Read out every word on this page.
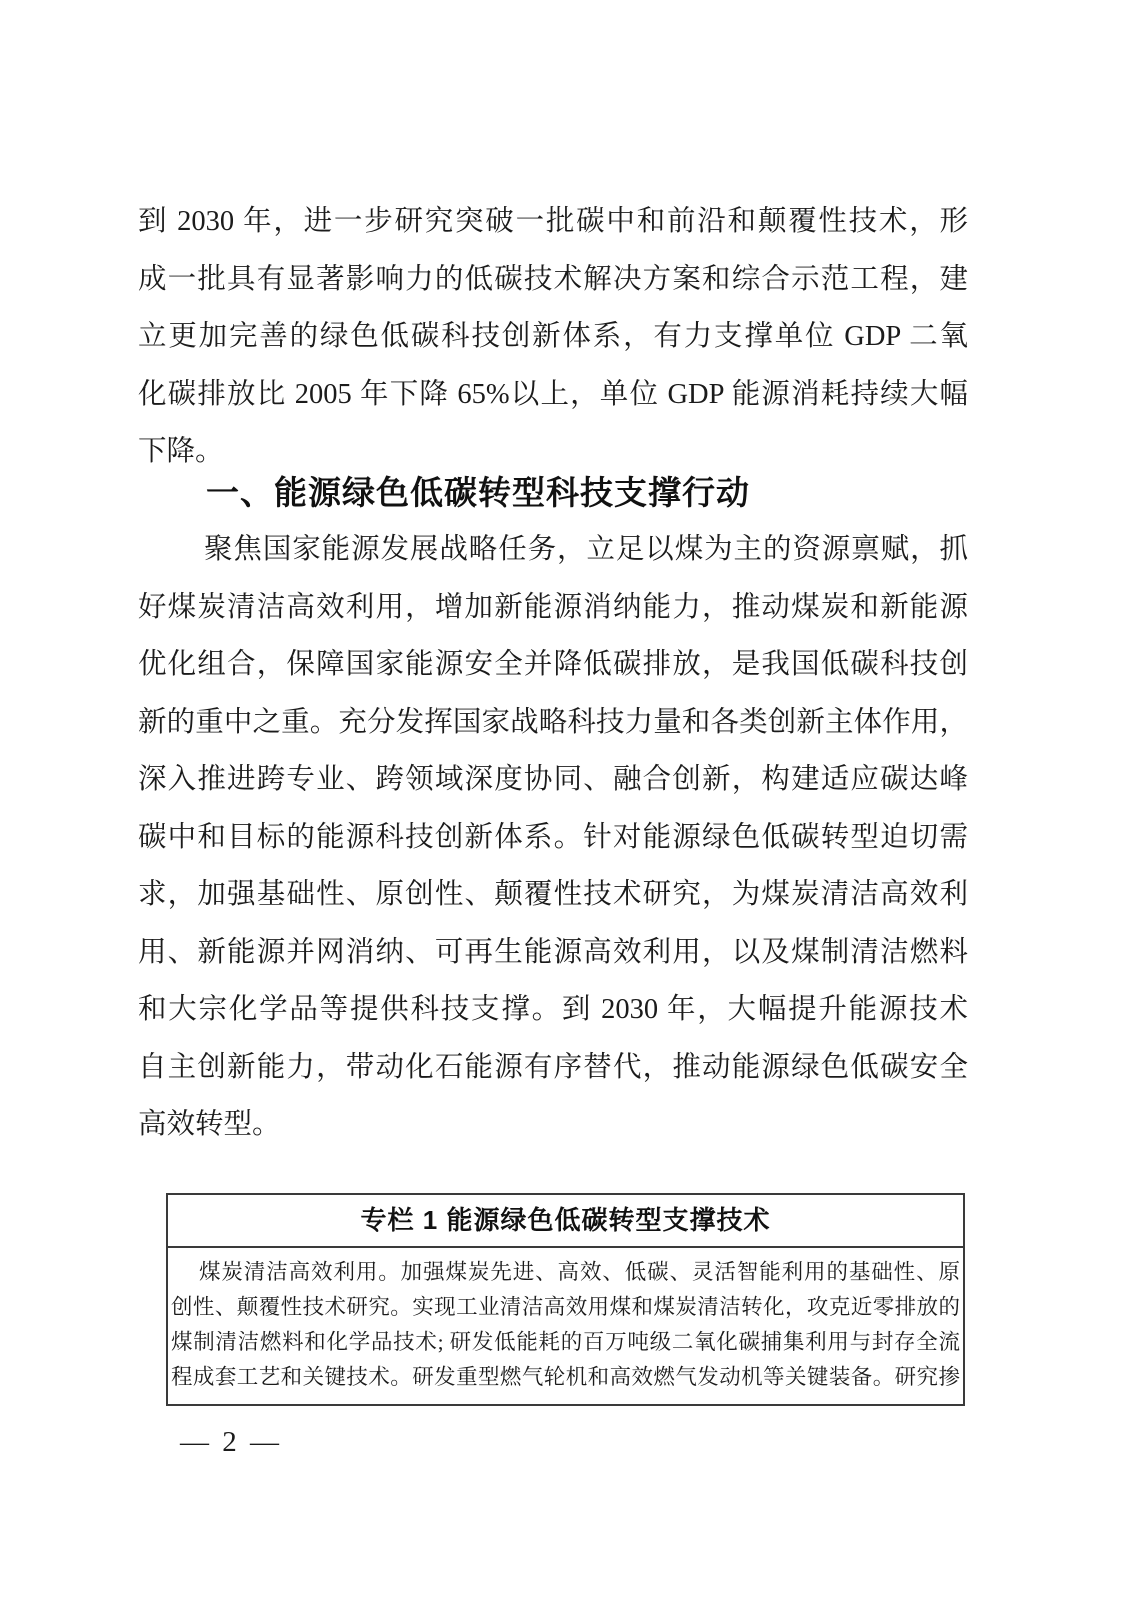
到 2030 年，进一步研究突破一批碳中和前沿和颠覆性技术，形
成一批具有显著影响力的低碳技术解决方案和综合示范工程，建
立更加完善的绿色低碳科技创新体系，有力支撑单位 GDP 二氧
化碳排放比 2005 年下降 65%以上，单位 GDP 能源消耗持续大幅
下降。
一、能源绿色低碳转型科技支撑行动
聚焦国家能源发展战略任务，立足以煤为主的资源禀赋，抓
好煤炭清洁高效利用，增加新能源消纳能力，推动煤炭和新能源
优化组合，保障国家能源安全并降低碳排放，是我国低碳科技创
新的重中之重。充分发挥国家战略科技力量和各类创新主体作用，
深入推进跨专业、跨领域深度协同、融合创新，构建适应碳达峰
碳中和目标的能源科技创新体系。针对能源绿色低碳转型迫切需
求，加强基础性、原创性、颠覆性技术研究，为煤炭清洁高效利
用、新能源并网消纳、可再生能源高效利用，以及煤制清洁燃料
和大宗化学品等提供科技支撑。到 2030 年，大幅提升能源技术
自主创新能力，带动化石能源有序替代，推动能源绿色低碳安全
高效转型。
专栏 1 能源绿色低碳转型支撑技术
煤炭清洁高效利用。加强煤炭先进、高效、低碳、灵活智能利用的基础性、原
创性、颠覆性技术研究。实现工业清洁高效用煤和煤炭清洁转化，攻克近零排放的
煤制清洁燃料和化学品技术; 研发低能耗的百万吨级二氧化碳捕集利用与封存全流
程成套工艺和关键技术。研发重型燃气轮机和高效燃气发动机等关键装备。研究掺
— 2 —
